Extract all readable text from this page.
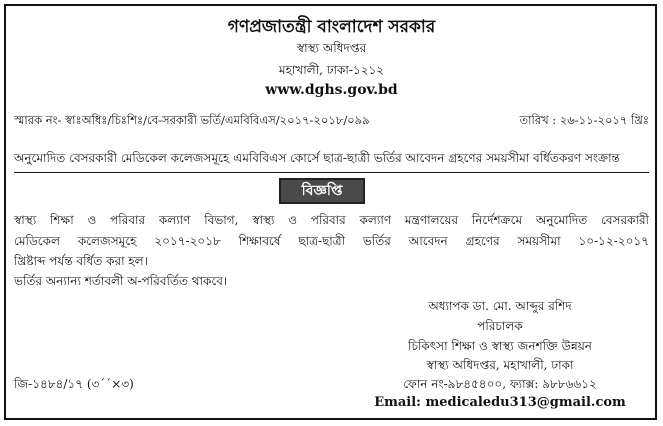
গণপ্রজাতন্ত্রী বাংলাদেশ সরকার
স্বাস্থ্য অধিদপ্তর
মহাখালী, ঢাকা-১২১২
www.dghs.gov.bd
স্মারক নং- স্বাঃঅধিঃ/চিঃশিঃ/বে-সরকারী ভর্তি/এমবিবিএস/২০১৭-২০১৮/০৯৯	তারিখ : ২৬-১১-২০১৭ খ্রিঃ
অনুমোদিত বেসরকারী মেডিকেল কলেজসমূহে এমবিবিএস কোর্সে ছাত্র-ছাত্রী ভর্তির আবেদন গ্রহণের সময়সীমা বর্ধিতকরণ সংক্রান্ত
বিজ্ঞপ্তি
স্বাস্থ্য শিক্ষা ও পরিবার কল্যাণ বিভাগ, স্বাস্থ্য ও পরিবার কল্যাণ মন্ত্রণালয়ের নির্দেশক্রমে অনুমোদিত বেসরকারী
মেডিকেল কলেজসমূহে ২০১৭-২০১৮ শিক্ষাবর্ষে ছাত্র-ছাত্রী ভর্তির আবেদন গ্রহণের সময়সীমা ১০-১২-২০১৭
খ্রিষ্টাব্দ পর্যন্ত বর্ধিত করা হল।
ভর্তির অন্যান্য শর্তাবলী অ-পরিবর্তিত থাকবে।
অধ্যাপক ডা. মো. আব্দুর রশিদ
পরিচালক
চিকিৎসা শিক্ষা ও স্বাস্থ্য জনশক্তি উন্নয়ন
স্বাস্থ্য অধিদপ্তর, মহাখালী, ঢাকা
ফোন নং-৯৮৪৫৪০০, ফ্যাক্স: ৯৮৮৬৬১২
Email: medicaledu313@gmail.com
জি-১৪৮৪/১৭ (৩´´×৩)
